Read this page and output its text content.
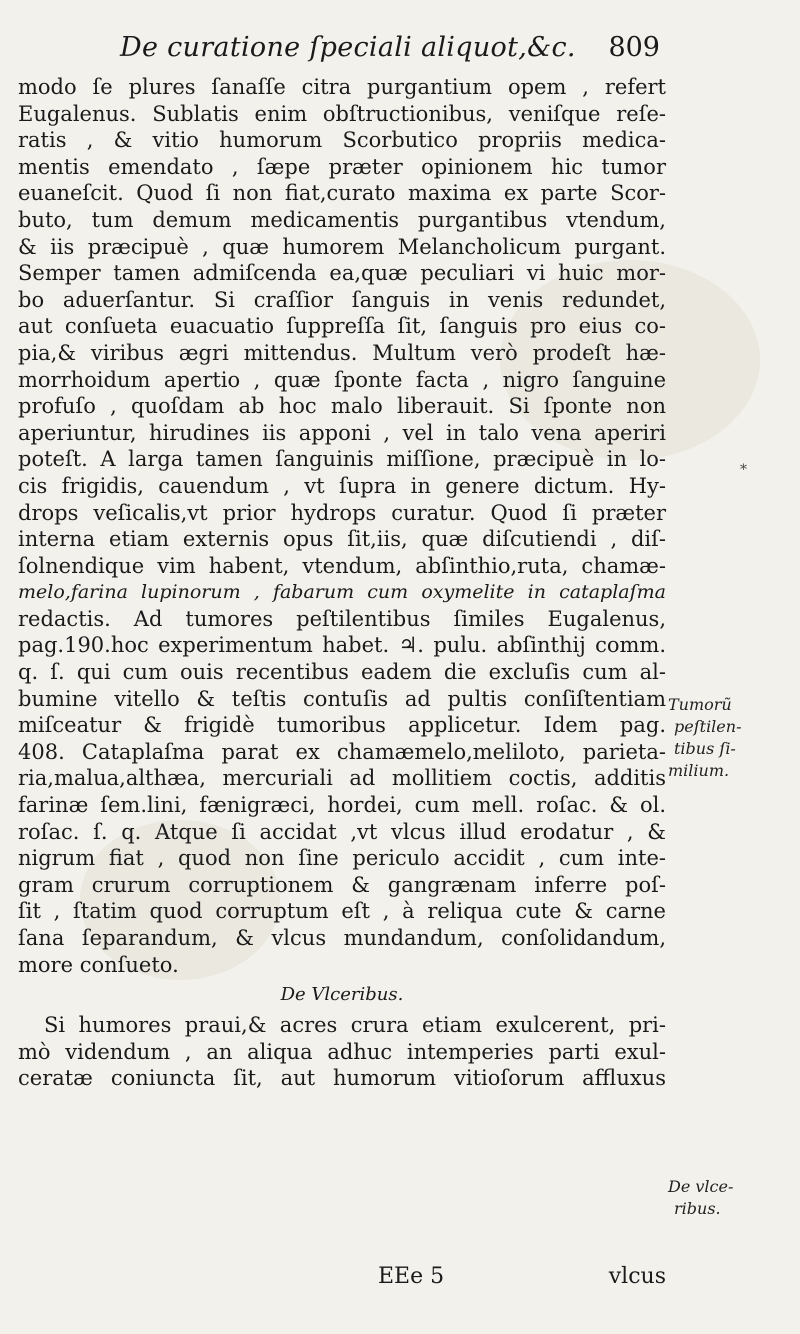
De curatione ſpeciali aliquot,&c. 809
modo ſe plures ſanaſſe citra purgantium opem , refert
Eugalenus. Sublatis enim obſtructionibus, veniſque reſe-
ratis , & vitio humorum Scorbutico propriis medica-
mentis emendato , ſæpe præter opinionem hic tumor
euaneſcit. Quod ſi non fiat,curato maxima ex parte Scor-
buto, tum demum medicamentis purgantibus vtendum,
& iis præcipuè , quæ humorem Melancholicum purgant.
Semper tamen admiſcenda ea,quæ peculiari vi huic mor-
bo aduerſantur. Si craſſior ſanguis in venis redundet,
aut conſueta euacuatio ſuppreſſa ſit, ſanguis pro eius co-
pia,& viribus ægri mittendus. Multum verò prodeſt hæ-
morrhoidum apertio , quæ ſponte facta , nigro ſanguine
profuſo , quoſdam ab hoc malo liberauit. Si ſponte non
aperiuntur, hirudines iis apponi , vel in talo vena aperiri
poteſt. A larga tamen ſanguinis miſſione, præcipuè in lo-
cis frigidis, cauendum , vt ſupra in genere dictum. Hy-
drops veſicalis,vt prior hydrops curatur. Quod ſi præter
interna etiam externis opus ſit,iis, quæ diſcutiendi , diſ-
ſolnendique vim habent, vtendum, abſinthio,ruta, chamæ-
melo,farina lupinorum , fabarum cum oxymelite in cataplaſma
redactis. Ad tumores peſtilentibus ſimiles Eugalenus,
pag.190.hoc experimentum habet. ♃. pulu. abſinthij comm.
q. ſ. qui cum ouis recentibus eadem die excluſis cum al-
bumine vitello & teſtis contuſis ad pultis conſiſtentiam
miſceatur & frigidè tumoribus applicetur. Idem pag.
408. Cataplaſma parat ex chamæmelo,meliloto, parieta-
ria,malua,althæa, mercuriali ad mollitiem coctis, additis
farinæ ſem.lini, fænigræci, hordei, cum mell. roſac. & ol.
roſac. ſ. q. Atque ſi accidat ,vt vlcus illud erodatur , &
nigrum fiat , quod non ſine periculo accidit , cum inte-
gram crurum corruptionem & gangrænam inferre poſ-
ſit , ſtatim quod corruptum eſt , à reliqua cute & carne
ſana ſeparandum, & vlcus mundandum, conſolidandum,
more conſueto.
De Vlceribus.
Si humores praui,& acres crura etiam exulcerent, pri-
mò videndum , an aliqua adhuc intemperies parti exul-
ceratæ coniuncta ſit, aut humorum vitioſorum affluxus
*
Tumorũ
peſtilen-
tibus ſi-
milium.
De vlce-
ribus.
EEe 5	vlcus
